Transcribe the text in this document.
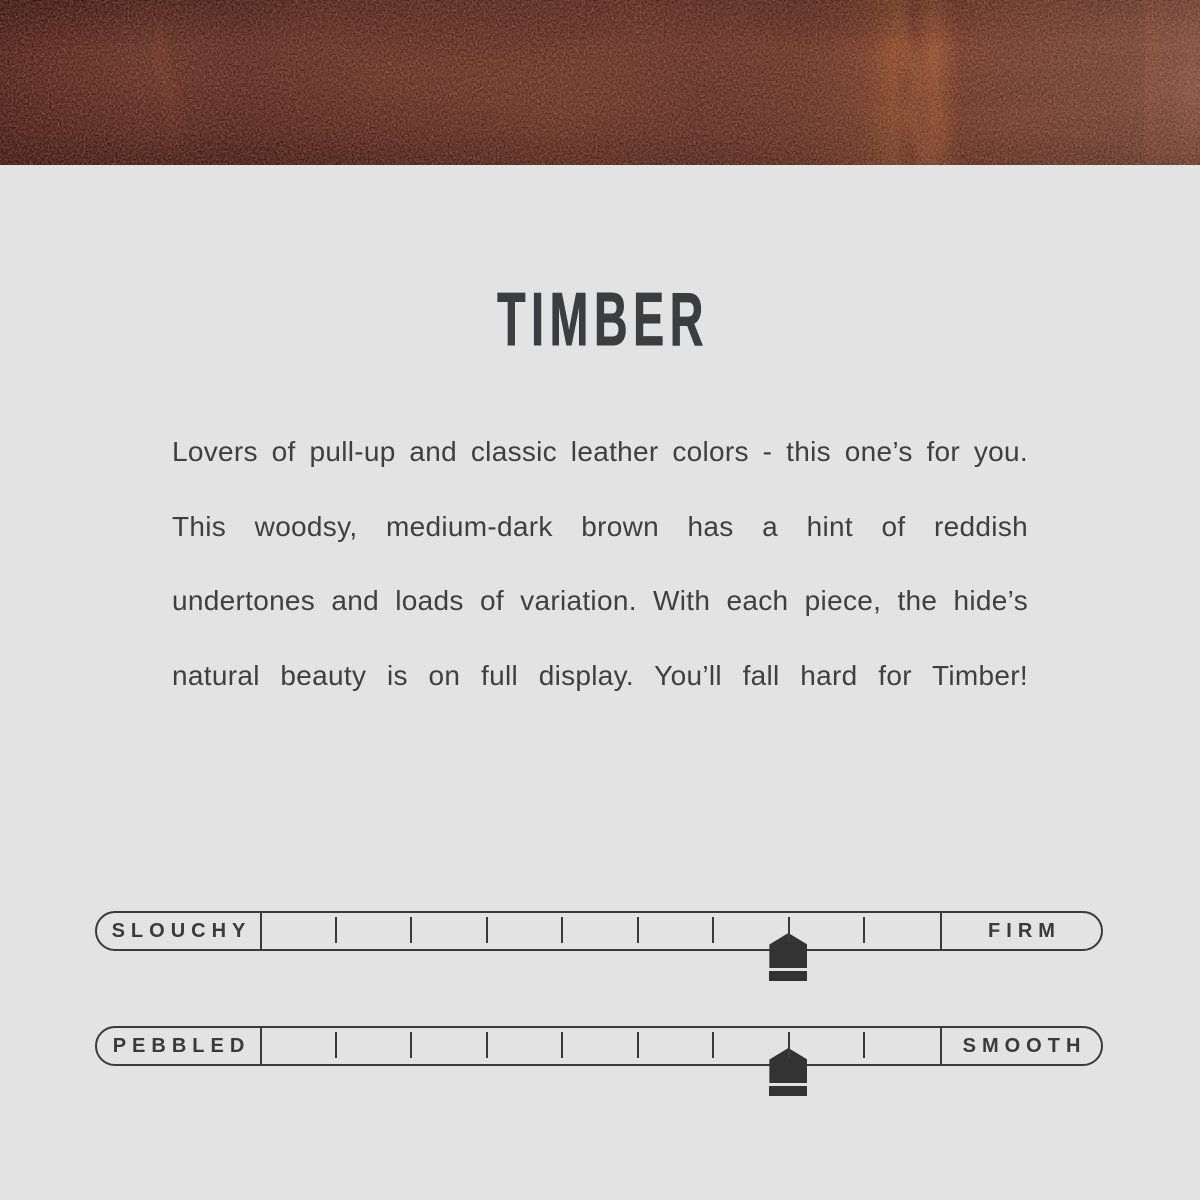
TIMBER
Lovers of pull-up and classic leather colors - this one’s for you.
This woodsy, medium-dark brown has a hint of reddish
undertones and loads of variation. With each piece, the hide’s
natural beauty is on full display. You’ll fall hard for Timber!
SLOUCHY	FIRM
PEBBLED	SMOOTH
